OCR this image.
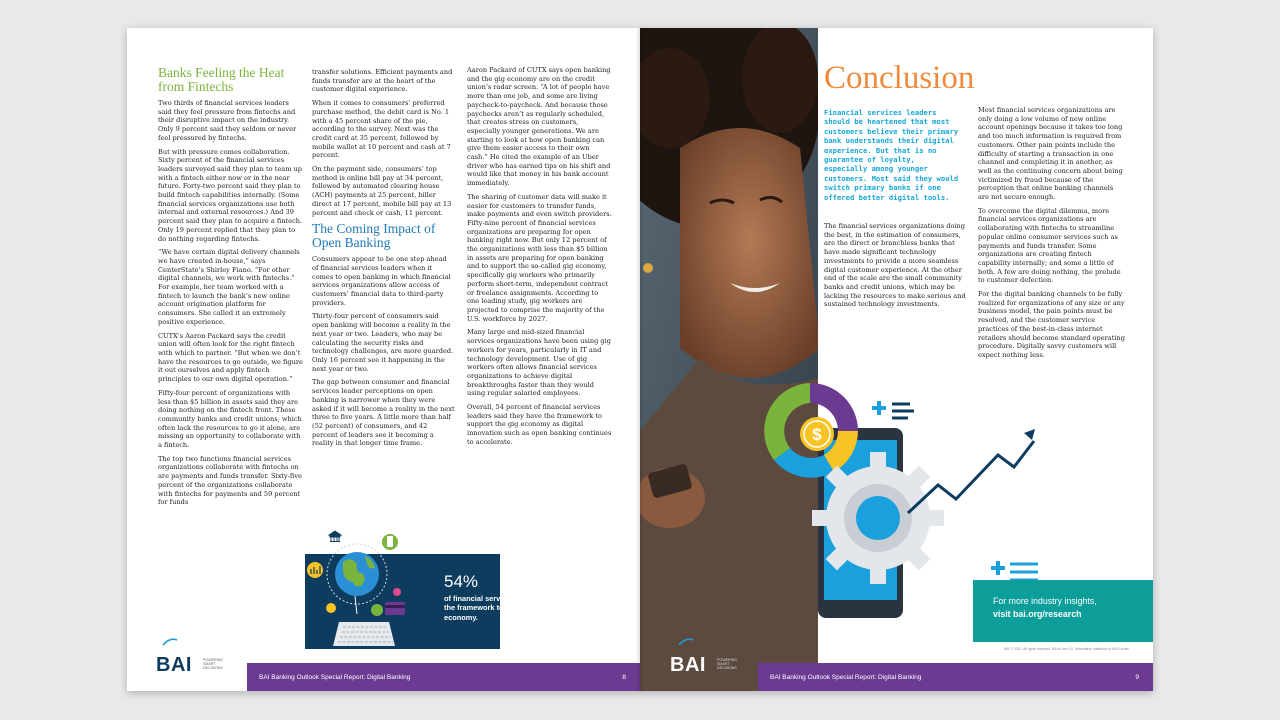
Banks Feeling the Heat from Fintechs

Two thirds of financial services leaders said they feel pressure from fintechs and their disruptive impact on the industry. Only 9 percent said they seldom or never feel pressured by fintechs.

But with pressure comes collaboration. Sixty percent of the financial services leaders surveyed said they plan to team up with a fintech either now or in the near future. Forty-two percent said they plan to build fintech capabilities internally. (Some financial services organizations use both internal and external resources.) And 39 percent said they plan to acquire a fintech. Only 19 percent replied that they plan to do nothing regarding fintechs.

“We have certain digital delivery channels we have created in-house,” says CenterState’s Shirley Fiano. “For other digital channels, we work with fintechs.” For example, her team worked with a fintech to launch the bank’s new online account origination platform for consumers. She called it an extremely positive experience.

CUTX’s Aaron Packard says the credit union will often look for the right fintech with which to partner. “But when we don’t have the resources to go outside, we figure it out ourselves and apply fintech principles to our own digital operation.”

Fifty-four percent of organizations with less than $5 billion in assets said they are doing nothing on the fintech front. These community banks and credit unions, which often lack the resources to go it alone, are missing an opportunity to collaborate with a fintech.

The top two functions financial services organizations collaborate with fintechs on are payments and funds transfer. Sixty-five percent of the organizations collaborate with fintechs for payments and 59 percent for funds

transfer solutions. Efficient payments and funds transfer are at the heart of the customer digital experience.

When it comes to consumers’ preferred purchase method, the debit card is No. 1 with a 45 percent share of the pie, according to the survey. Next was the credit card at 35 percent, followed by mobile wallet at 10 percent and cash at 7 percent.

On the payment side, consumers’ top method is online bill pay at 34 percent, followed by automated clearing house (ACH) payments at 25 percent, biller direct at 17 percent, mobile bill pay at 13 percent and check or cash, 11 percent.

The Coming Impact of Open Banking

Consumers appear to be one step ahead of financial services leaders when it comes to open banking in which financial services organizations allow access of customers’ financial data to third-party providers.

Thirty-four percent of consumers said open banking will become a reality in the next year or two. Leaders, who may be calculating the security risks and technology challenges, are more guarded. Only 16 percent see it happening in the next year or two.

The gap between consumer and financial services leader perceptions on open banking is narrower when they were asked if it will become a reality in the next three to five years. A little more than half (52 percent) of consumers, and 42 percent of leaders see it becoming a reality in that longer time frame.

Aaron Packard of CUTX says open banking and the gig economy are on the credit union’s radar screen. “A lot of people have more than one job, and some are living paycheck-to-paycheck. And because those paychecks aren’t as regularly scheduled, that creates stress on customers, especially younger generations. We are starting to look at how open banking can give them easier access to their own cash.” He cited the example of an Uber driver who has earned tips on his shift and would like that money in his bank account immediately.

The sharing of customer data will make it easier for customers to transfer funds, make payments and even switch providers. Fifty-nine percent of financial services organizations are preparing for open banking right now. But only 12 percent of the organizations with less than $5 billion in assets are preparing for open banking and to support the so-called gig economy, specifically gig workers who primarily perform short-term, independent contract or freelance assignments. According to one leading study, gig workers are projected to comprise the majority of the U.S. workforce by 2027.

Many large and mid-sized financial services organizations have been using gig workers for years, particularly in IT and technology development. Use of gig workers often allows financial services organizations to achieve digital breakthroughs faster than they would using regular salaried employees.

Overall, 54 percent of financial services leaders said they have the framework to support the gig economy as digital innovation such as open banking continues to accelerate.

54%
of financial service leaders say they have the framework to support the growing gig economy.
BAI	POWERING SMART DECISIONS
BAI Banking Outlook Special Report: Digital Banking	8
Conclusion
Financial services leaders should be heartened that most customers believe their primary bank understands their digital experience. But that is no guarantee of loyalty, especially among younger customers. Most said they would switch primary banks if one offered better digital tools.

The financial services organizations doing the best, in the estimation of consumers, are the direct or branchless banks that have made significant technology investments to provide a more seamless digital customer experience. At the other end of the scale are the small community banks and credit unions, which may be lacking the resources to make serious and sustained technology investments.

Most financial services organizations are only doing a low volume of new online account openings because it takes too long and too much information is required from customers. Other pain points include the difficulty of starting a transaction in one channel and completing it in another, as well as the continuing concern about being victimized by fraud because of the perception that online banking channels are not secure enough.

To overcome the digital dilemma, more financial services organizations are collaborating with fintechs to streamline popular online consumer services such as payments and funds transfer. Some organizations are creating fintech capability internally; and some a little of both. A few are doing nothing, the prelude to customer defection.

For the digital banking channels to be fully realized for organizations of any size or any business model, the pain points must be resolved, and the customer service practices of the best-in-class internet retailers should become standard operating procedure. Digitally savvy customers will expect nothing less.

$
For more industry insights,
visit bai.org/research
BAI © 2020. All rights reserved. BAI is the U.S. Information Institution of BAI Center.
BAI	POWERING SMART DECISIONS
BAI Banking Outlook Special Report: Digital Banking	9
